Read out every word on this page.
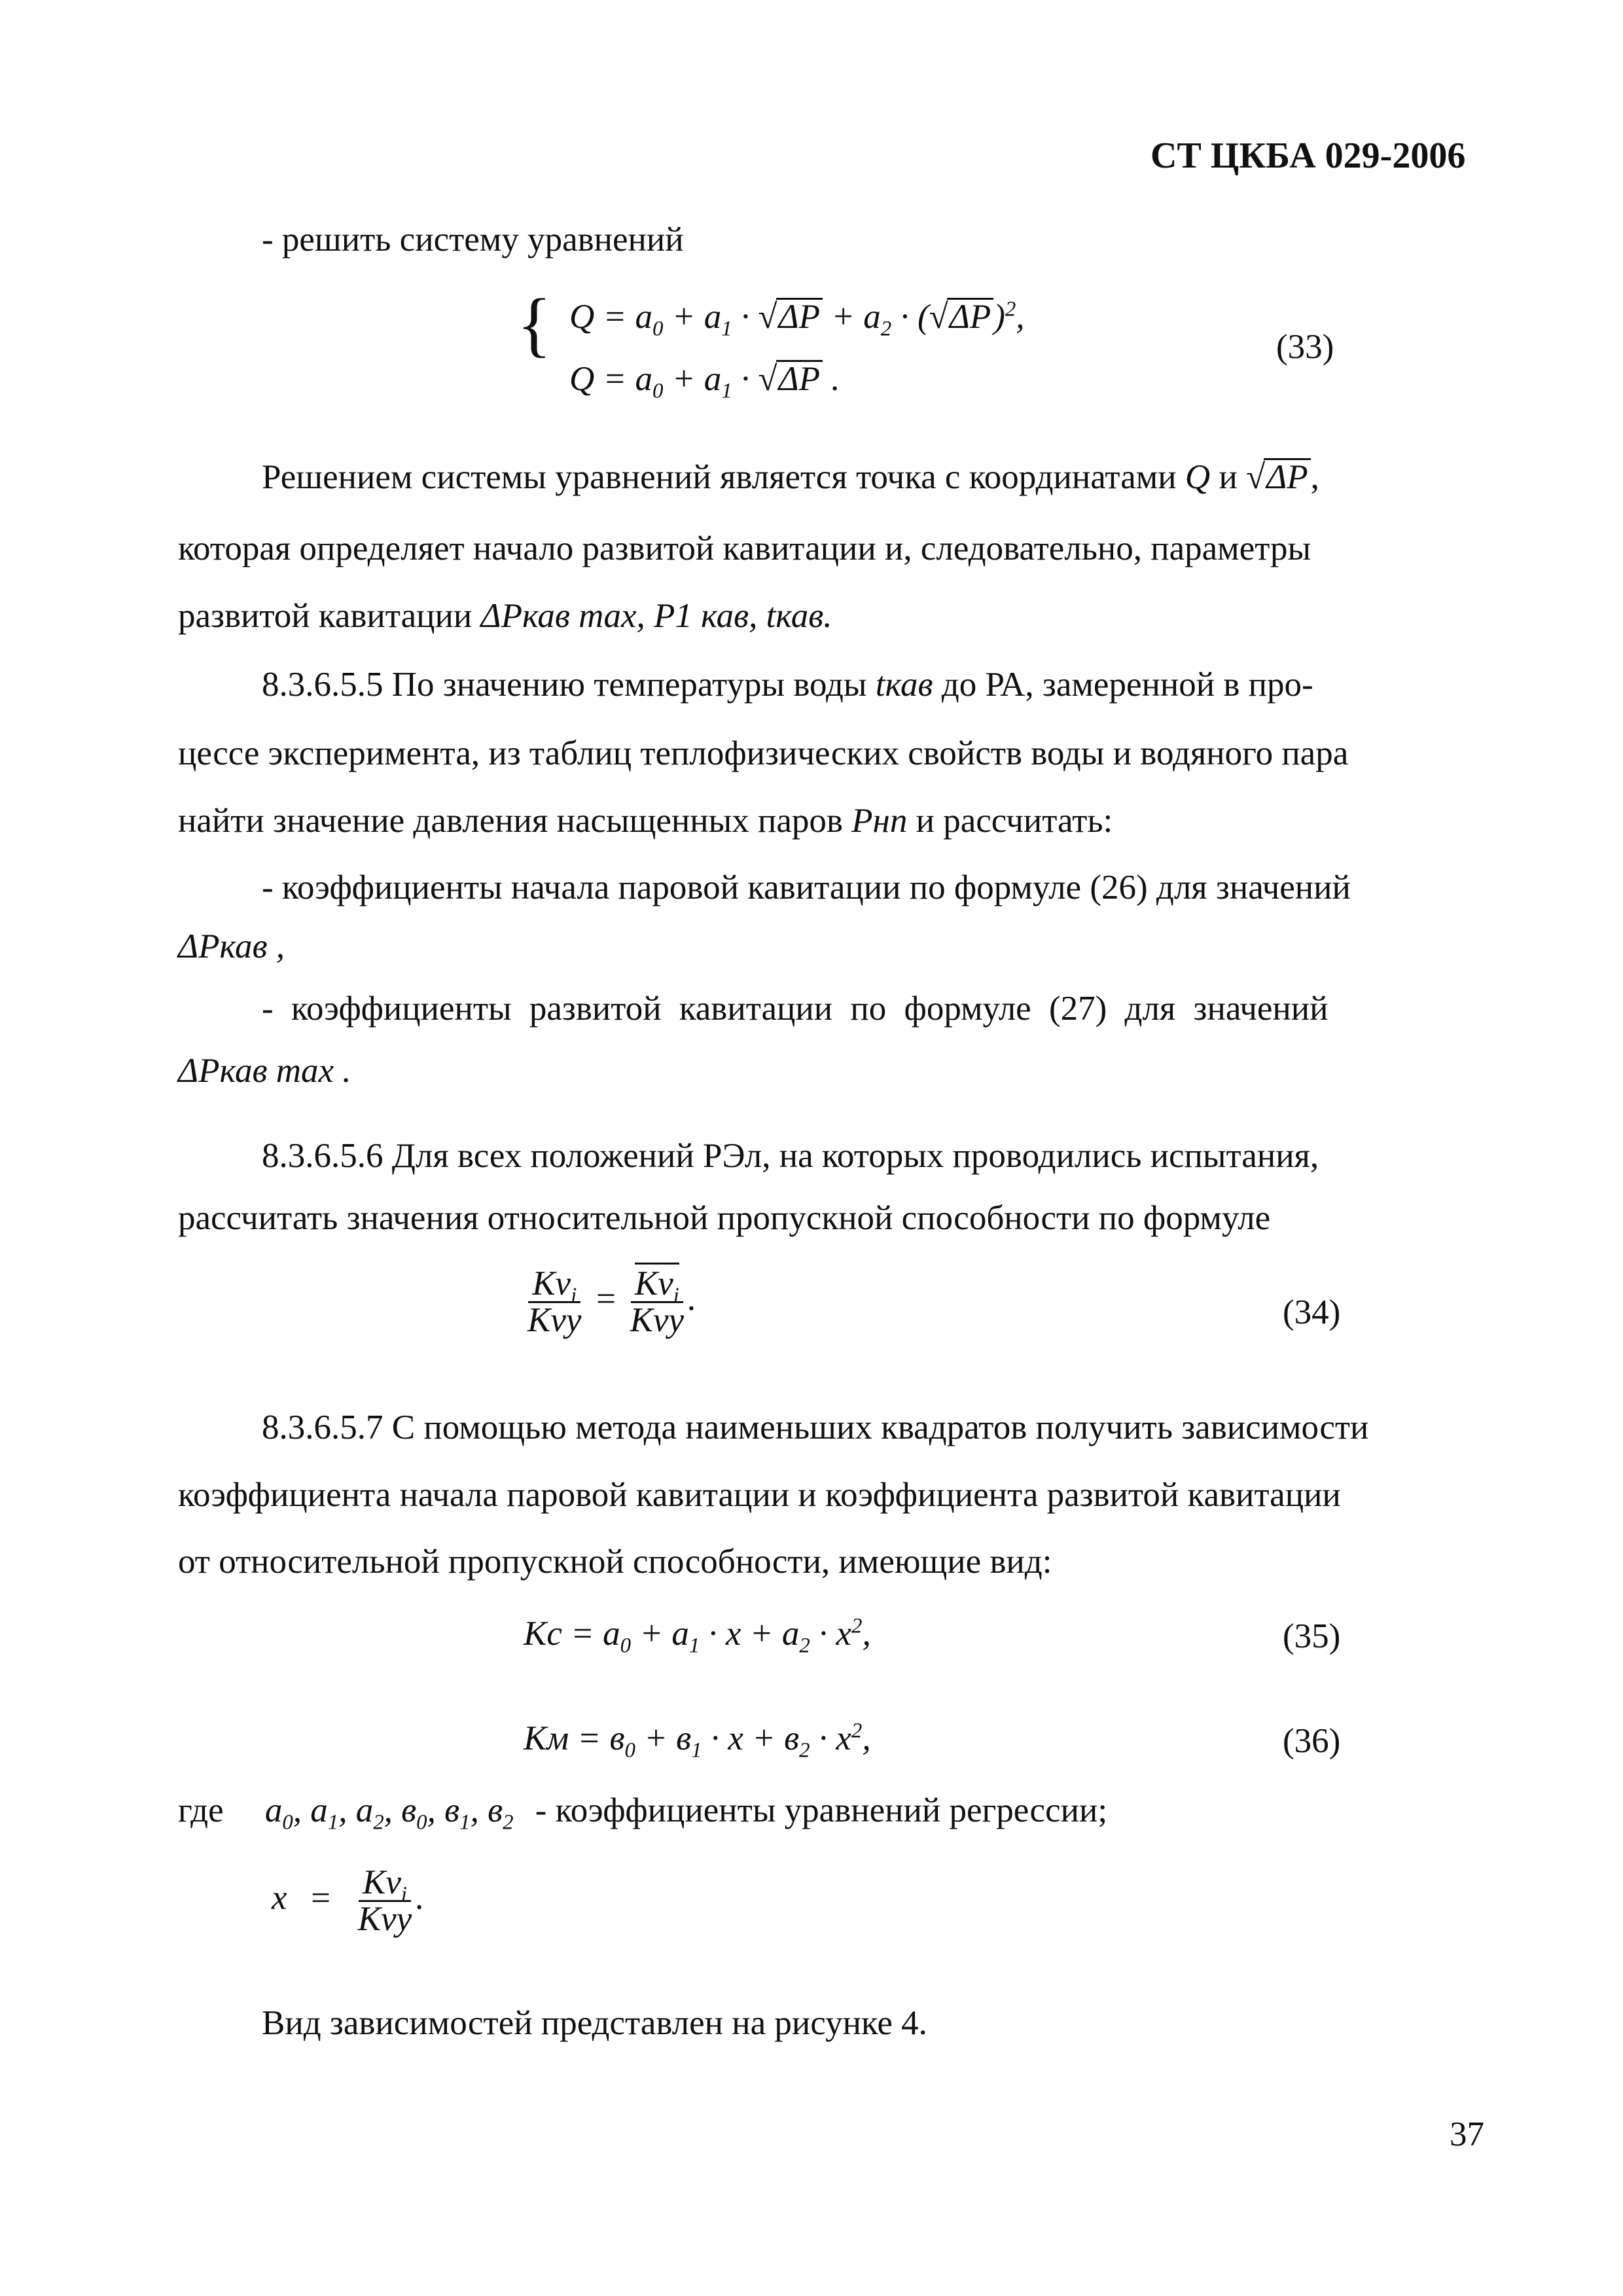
СТ ЦКБА 029-2006
- решить систему уравнений
{ $Q = a_0 + a_1 \cdot √\Delta P + a_2 \cdot (√\Delta P)^2$,
$Q = a_0 + a_1 \cdot √\Delta P$ .
(33)
Решением системы уравнений является точка с координатами Q и √ΔP,
которая определяет начало развитой кавитации и, следовательно, параметры
развитой кавитации ΔPкав max, P1 кав, tкав.
8.3.6.5.5 По значению температуры воды tкав до РА, замеренной в про-
цессе эксперимента, из таблиц теплофизических свойств воды и водяного пара
найти значение давления насыщенных паров Pнп и рассчитать:
- коэффициенты начала паровой кавитации по формуле (26) для значений
ΔPкав ,
- коэффициенты развитой кавитации по формуле (27) для значений
ΔPкав max .
8.3.6.5.6 Для всех положений РЭл, на которых проводились испытания,
рассчитать значения относительной пропускной способности по формуле
$\frac{Kv_i}{\text{Kvy}} = \frac{Kv_i}{\text{Kvy}}$ .	(34)
8.3.6.5.7 С помощью метода наименьших квадратов получить зависимости
коэффициента начала паровой кавитации и коэффициента развитой кавитации
от относительной пропускной способности, имеющие вид:
$Kc = a_0 + a_1 \cdot x + a_2 \cdot x^2$,	(35)
Kм = $в_0 + в_1 \cdot x + в_2 \cdot x^2$,	(36)
где $a_0$, $a_1$, $a_2$, $в_0$, $в_1$, $в_2$ - коэффициенты уравнений регрессии;
$x = \frac{Kv_i}{\text{Kvy}}$ .
Вид зависимостей представлен на рисунке 4.
37
